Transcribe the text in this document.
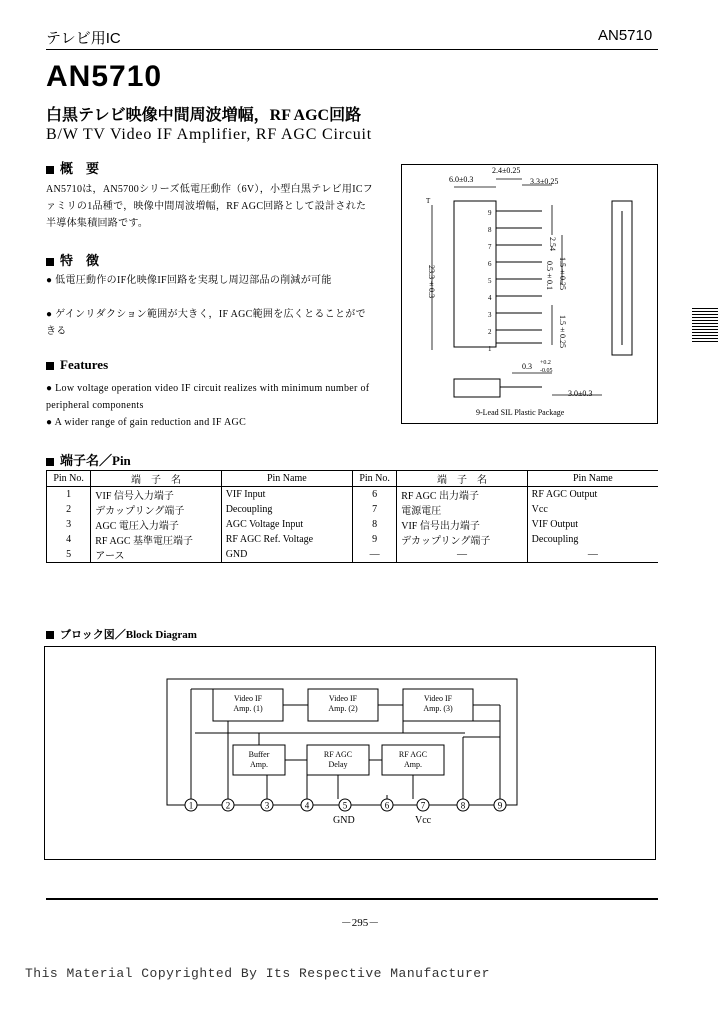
テレビ用IC	AN5710
AN5710
白黒テレビ映像中間周波増幅，RF AGC回路
B/W TV Video IF Amplifier, RF AGC Circuit
概　要
AN5710は，AN5700シリーズ低電圧動作（6V），小型白黒テレビ用ICファミリの1品種で，映像中間周波増幅，RF AGC回路として設計された半導体集積回路です。
特　徴
● 低電圧動作のIF化映像IF回路を実現し周辺部品の削減が可能
● ゲインリダクション範囲が大きく，IF AGC範囲を広くとることができる
Features
● Low voltage operation video IF circuit realizes with minimum number of peripheral components
● A wider range of gain reduction and IF AGC
6.0±0.3
2.4±0.25
3.3±0.25
2.54
0.5±0.1 1.5±0.25
23.3±0.3
1.5±0.25
0.3 +0.2
-0.05
3.0±0.3
T
9
8
7
6
5
4
3
2
1
9-Lead SIL Plastic Package
端子名／Pin
Pin No.	端　子　名	Pin Name	Pin No.	端　子　名	Pin Name
1	VIF 信号入力端子	VIF Input	6	RF AGC 出力端子	RF AGC Output
2	デカップリング端子	Decoupling	7	電源電圧	Vcc
3	AGC 電圧入力端子	AGC Voltage Input	8	VIF 信号出力端子	VIF Output
4	RF AGC 基準電圧端子	RF AGC Ref. Voltage	9	デカップリング端子	Decoupling
5	アース	GND	—	—	—
ブロック図／Block Diagram
1	2	3	4	5	6	7	8	9
Video IF
Amp. (1)
Video IF
Amp. (2)
Video IF
Amp. (3)
Buffer
Amp.
RF AGC
Delay
RF AGC
Amp.
GND	Vcc
－295－
This Material Copyrighted By Its Respective Manufacturer
